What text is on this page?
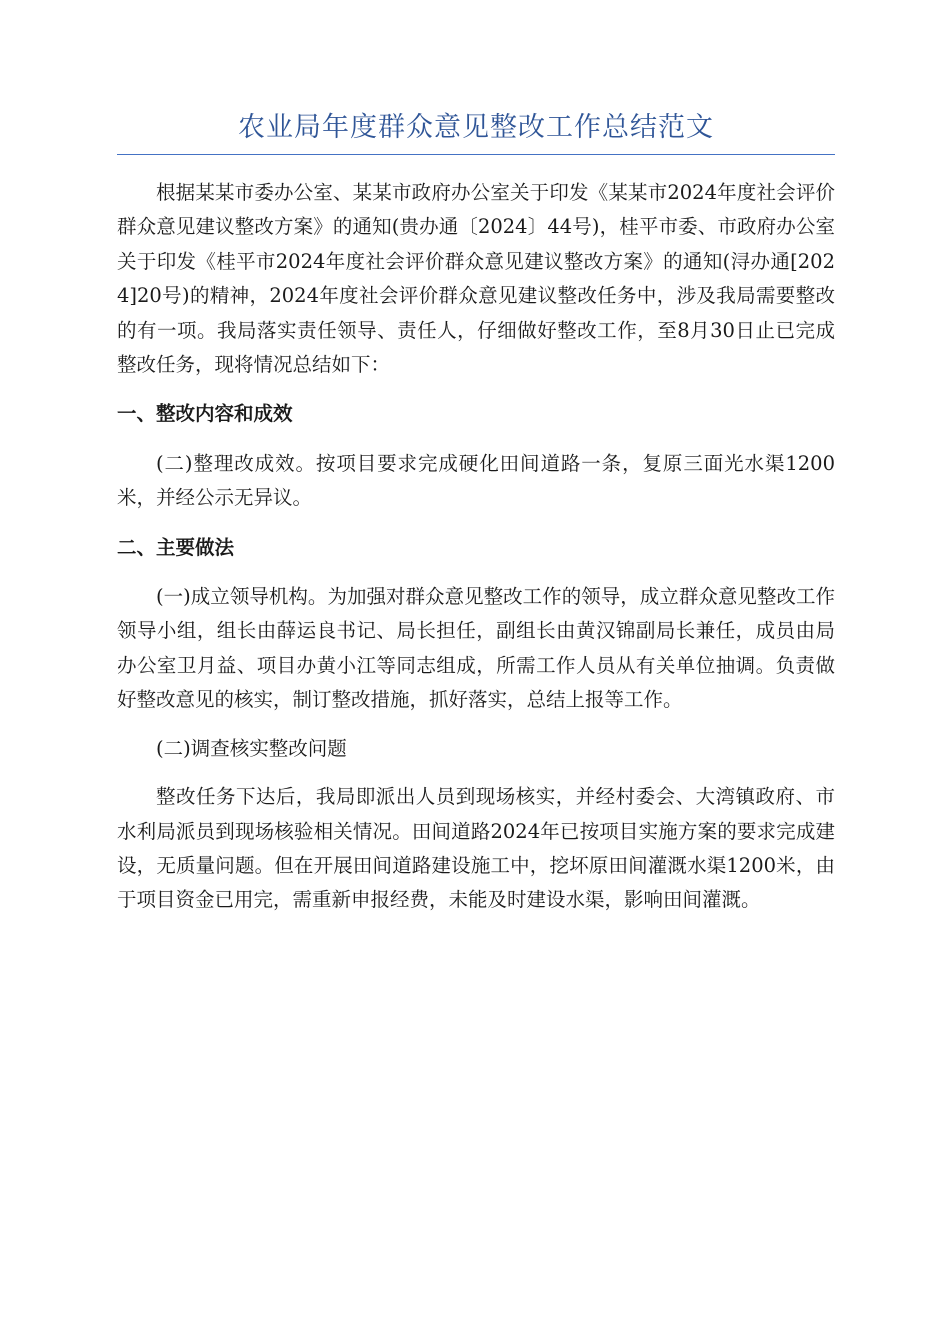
农业局年度群众意见整改工作总结范文

根据某某市委办公室、某某市政府办公室关于印发《某某市2024年度社会评价群众意见建议整改方案》的通知(贵办通〔2024〕44号)，桂平市委、市政府办公室关于印发《桂平市2024年度社会评价群众意见建议整改方案》的通知(浔办通[2024]20号)的精神，2024年度社会评价群众意见建议整改任务中，涉及我局需要整改的有一项。我局落实责任领导、责任人，仔细做好整改工作，至8月30日止已完成整改任务，现将情况总结如下：

一、整改内容和成效

(二)整理改成效。按项目要求完成硬化田间道路一条，复原三面光水渠1200米，并经公示无异议。

二、主要做法

(一)成立领导机构。为加强对群众意见整改工作的领导，成立群众意见整改工作领导小组，组长由薛运良书记、局长担任，副组长由黄汉锦副局长兼任，成员由局办公室卫月益、项目办黄小江等同志组成，所需工作人员从有关单位抽调。负责做好整改意见的核实，制订整改措施，抓好落实，总结上报等工作。

(二)调查核实整改问题

整改任务下达后，我局即派出人员到现场核实，并经村委会、大湾镇政府、市水利局派员到现场核验相关情况。田间道路2024年已按项目实施方案的要求完成建设，无质量问题。但在开展田间道路建设施工中，挖坏原田间灌溉水渠1200米，由于项目资金已用完，需重新申报经费，未能及时建设水渠，影响田间灌溉。
